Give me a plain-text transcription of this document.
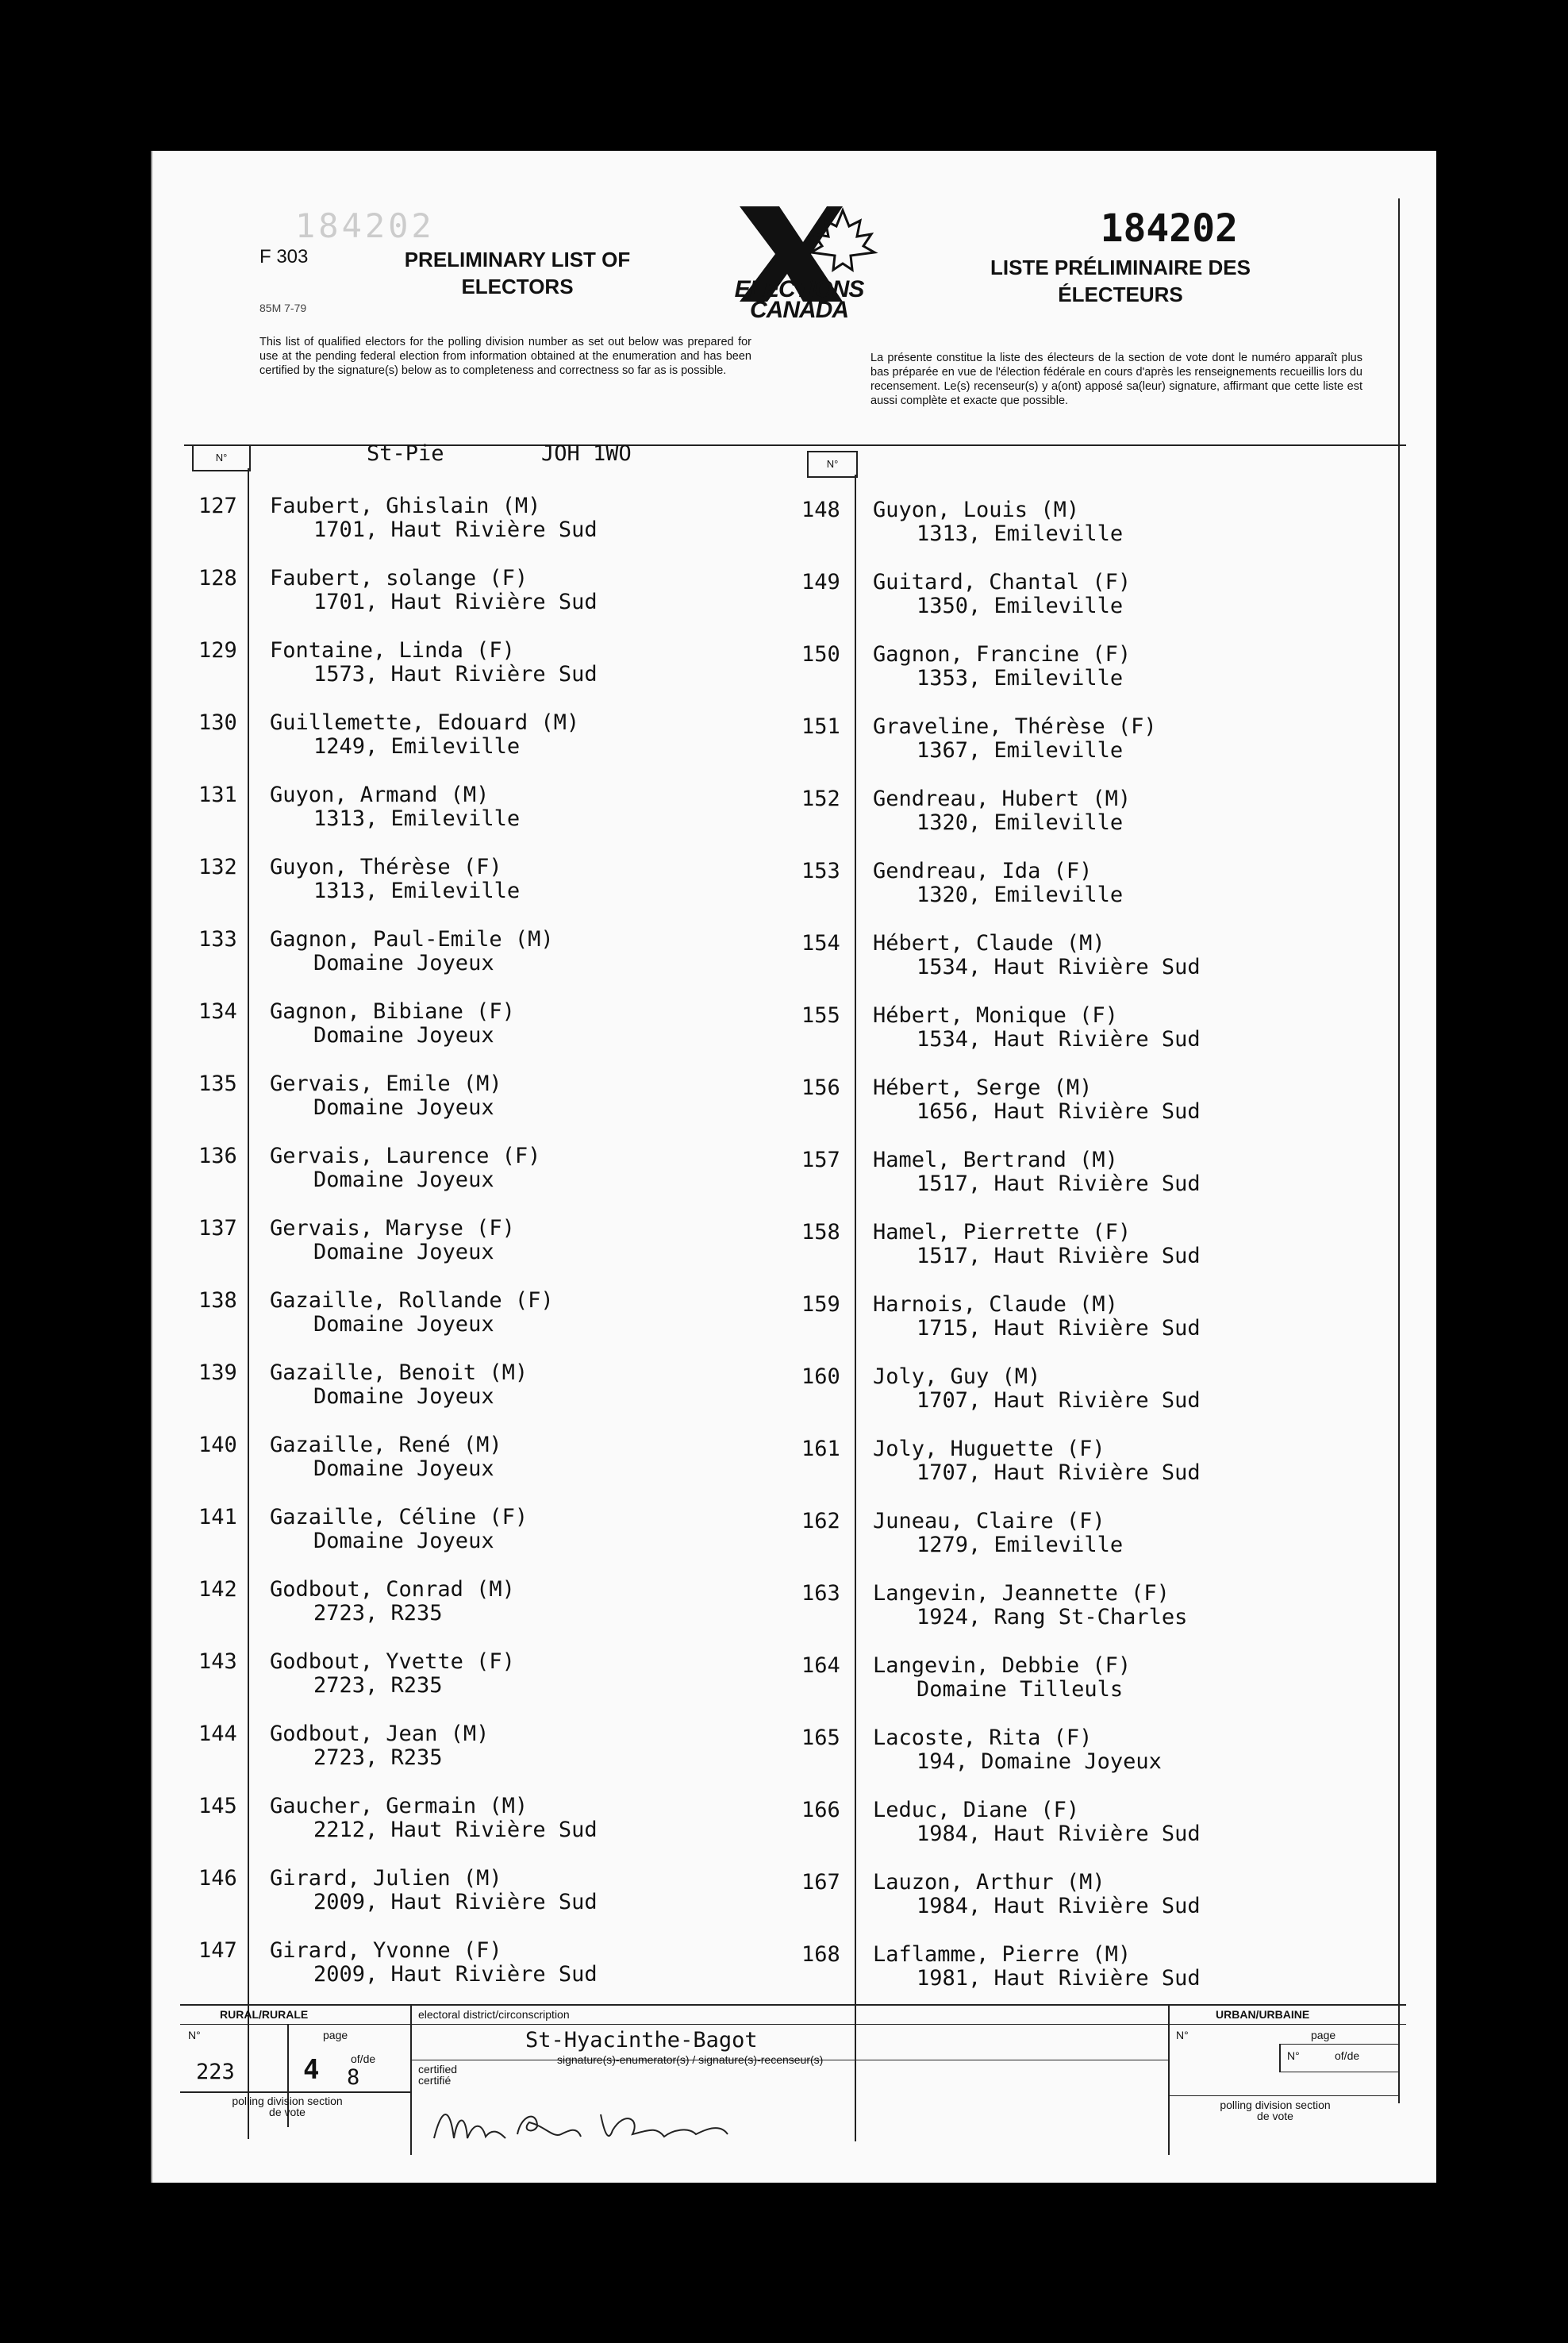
184202
F 303
85M 7-79
PRELIMINARY LIST OF ELECTORS	ELECTIONS CANADA
LISTE PRÉLIMINAIRE DES ÉLECTEURS
184202
This list of qualified electors for the polling division number as set out below was prepared for use at the pending federal election from information obtained at the enumeration and has been certified by the signature(s) below as to completeness and correctness so far as is possible.
La présente constitue la liste des électeurs de la section de vote dont le numéro apparaît plus bas préparée en vue de l'élection fédérale en cours d'après les renseignements recueillis lors du recensement. Le(s) recenseur(s) y a(ont) apposé sa(leur) signature, affirmant que cette liste est aussi complète et exacte que possible.
N°
N°
St-Pie	JOH 1WO
127	Faubert, Ghislain (M)
1701, Haut Rivière Sud
128	Faubert, solange (F)
1701, Haut Rivière Sud
129	Fontaine, Linda (F)
1573, Haut Rivière Sud
130	Guillemette, Edouard (M)
1249, Emileville
131	Guyon, Armand (M)
1313, Emileville
132	Guyon, Thérèse (F)
1313, Emileville
133	Gagnon, Paul-Emile (M)
Domaine Joyeux
134	Gagnon, Bibiane (F)
Domaine Joyeux
135	Gervais, Emile (M)
Domaine Joyeux
136	Gervais, Laurence (F)
Domaine Joyeux
137	Gervais, Maryse (F)
Domaine Joyeux
138	Gazaille, Rollande (F)
Domaine Joyeux
139	Gazaille, Benoit (M)
Domaine Joyeux
140	Gazaille, René (M)
Domaine Joyeux
141	Gazaille, Céline (F)
Domaine Joyeux
142	Godbout, Conrad (M)
2723, R235
143	Godbout, Yvette (F)
2723, R235
144	Godbout, Jean (M)
2723, R235
145	Gaucher, Germain (M)
2212, Haut Rivière Sud
146	Girard, Julien (M)
2009, Haut Rivière Sud
147	Girard, Yvonne (F)
2009, Haut Rivière Sud
148	Guyon, Louis (M)
1313, Emileville
149	Guitard, Chantal (F)
1350, Emileville
150	Gagnon, Francine (F)
1353, Emileville
151	Graveline, Thérèse (F)
1367, Emileville
152	Gendreau, Hubert (M)
1320, Emileville
153	Gendreau, Ida (F)
1320, Emileville
154	Hébert, Claude (M)
1534, Haut Rivière Sud
155	Hébert, Monique (F)
1534, Haut Rivière Sud
156	Hébert, Serge (M)
1656, Haut Rivière Sud
157	Hamel, Bertrand (M)
1517, Haut Rivière Sud
158	Hamel, Pierrette (F)
1517, Haut Rivière Sud
159	Harnois, Claude (M)
1715, Haut Rivière Sud
160	Joly, Guy (M)
1707, Haut Rivière Sud
161	Joly, Huguette (F)
1707, Haut Rivière Sud
162	Juneau, Claire (F)
1279, Emileville
163	Langevin, Jeannette (F)
1924, Rang St-Charles
164	Langevin, Debbie (F)
Domaine Tilleuls
165	Lacoste, Rita (F)
194, Domaine Joyeux
166	Leduc, Diane (F)
1984, Haut Rivière Sud
167	Lauzon, Arthur (M)
1984, Haut Rivière Sud
168	Laflamme, Pierre (M)
1981, Haut Rivière Sud
RURAL/RURALE
N°	page
of/de
223	4 8
polling division section de vote
electoral district/circonscription
St-Hyacinthe-Bagot
certified certifié
signature(s)-enumerator(s) / signature(s)-recenseur(s)
URBAN/URBAINE
N°	page
N°	of/de
polling division section de vote
